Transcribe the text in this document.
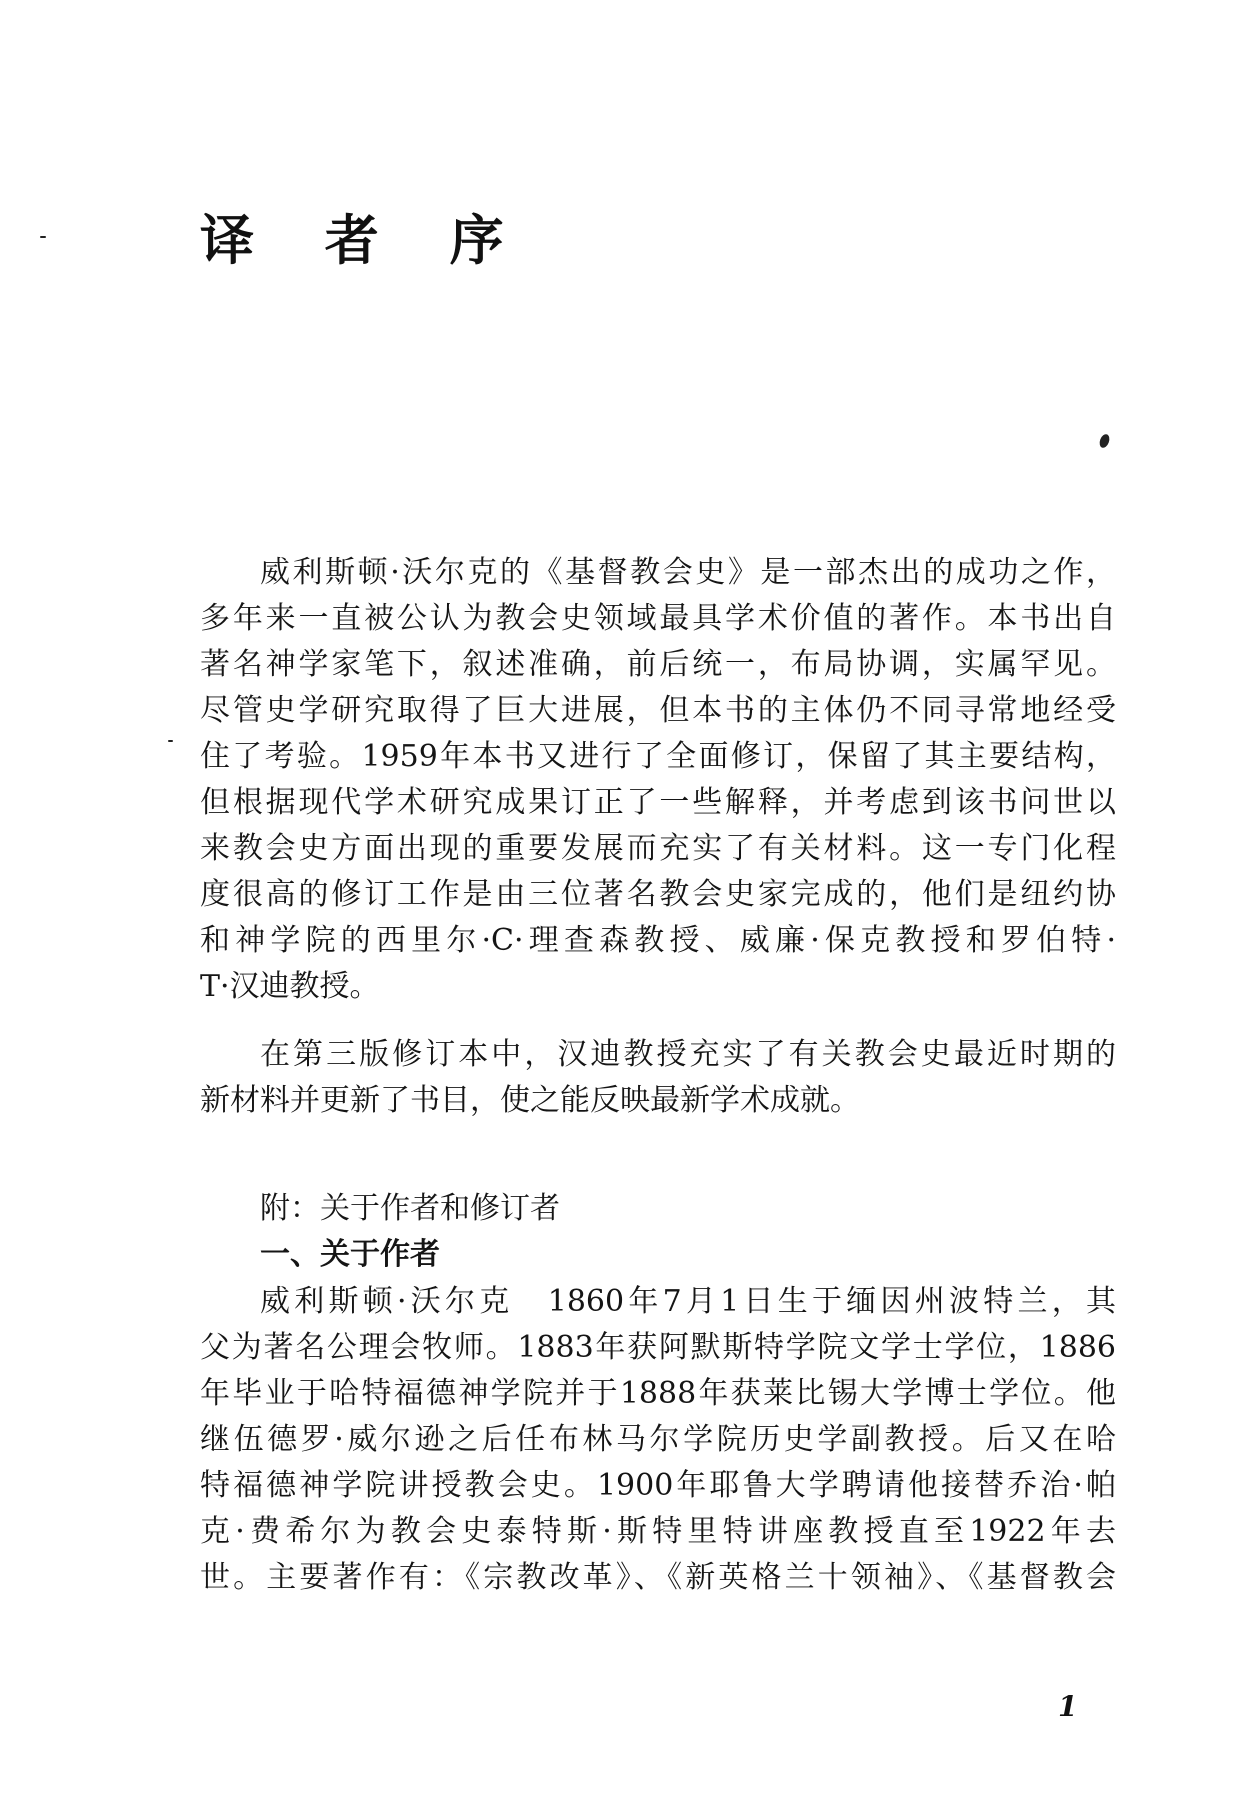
译 者 序
威利斯顿·沃尔克的《基督教会史》是一部杰出的成功之作，
多年来一直被公认为教会史领域最具学术价值的著作。本书出自
著名神学家笔下，叙述准确，前后统一，布局协调，实属罕见。
尽管史学研究取得了巨大进展，但本书的主体仍不同寻常地经受
住了考验。1959年本书又进行了全面修订，保留了其主要结构，
但根据现代学术研究成果订正了一些解释，并考虑到该书问世以
来教会史方面出现的重要发展而充实了有关材料。这一专门化程
度很高的修订工作是由三位著名教会史家完成的，他们是纽约协
和神学院的西里尔·C·理查森教授、威廉·保克教授和罗伯特·
T·汉迪教授。
在第三版修订本中，汉迪教授充实了有关教会史最近时期的
新材料并更新了书目，使之能反映最新学术成就。
附：关于作者和修订者
一、关于作者
威利斯顿·沃尔克　1860年7月1日生于缅因州波特兰，其
父为著名公理会牧师。1883年获阿默斯特学院文学士学位，1886
年毕业于哈特福德神学院并于1888年获莱比锡大学博士学位。他
继伍德罗·威尔逊之后任布林马尔学院历史学副教授。后又在哈
特福德神学院讲授教会史。1900年耶鲁大学聘请他接替乔治·帕
克·费希尔为教会史泰特斯·斯特里特讲座教授直至1922年去
世。主要著作有：《宗教改革》、《新英格兰十领袖》、《基督教会
1
